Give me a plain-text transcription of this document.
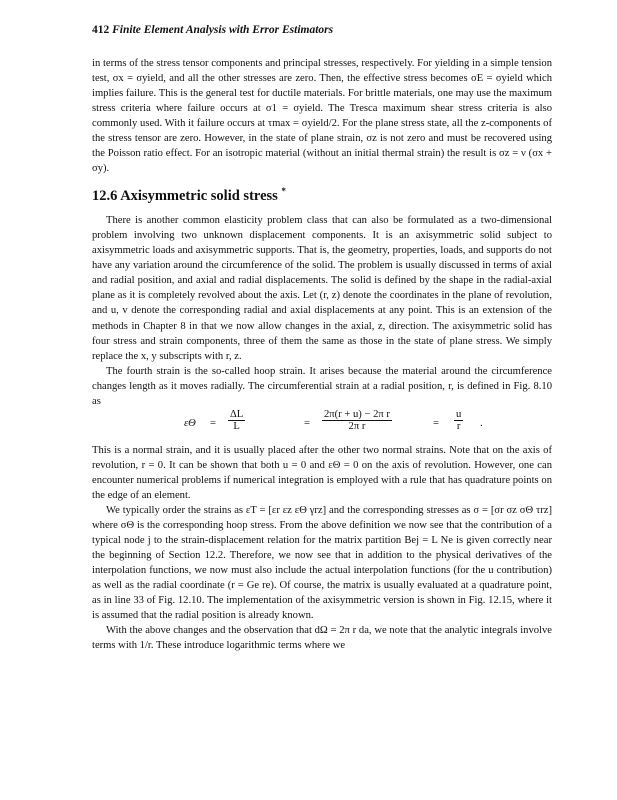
412 Finite Element Analysis with Error Estimators

in terms of the stress tensor components and principal stresses, respectively. For yielding in a simple tension test, σx = σyield, and all the other stresses are zero. Then, the effective stress becomes σE = σyield which implies failure. This is the general test for ductile materials. For brittle materials, one may use the maximum stress criteria where failure occurs at σ1 = σyield. The Tresca maximum shear stress criteria is also commonly used. With it failure occurs at τmax = σyield/2. For the plane stress state, all the z-components of the stress tensor are zero. However, in the state of plane strain, σz is not zero and must be recovered using the Poisson ratio effect. For an isotropic material (without an initial thermal strain) the result is σz = ν (σx + σy).

12.6 Axisymmetric solid stress *

There is another common elasticity problem class that can also be formulated as a two-dimensional problem involving two unknown displacement components. It is an axisymmetric solid subject to axisymmetric loads and axisymmetric supports. That is, the geometry, properties, loads, and supports do not have any variation around the circumference of the solid. The problem is usually discussed in terms of axial and radial position, and axial and radial displacements. The solid is defined by the shape in the radial-axial plane as it is completely revolved about the axis. Let (r, z) denote the coordinates in the plane of revolution, and u, v denote the corresponding radial and axial displacements at any point. This is an extension of the methods in Chapter 8 in that we now allow changes in the axial, z, direction. The axisymmetric solid has four stress and strain components, three of them the same as those in the state of plane stress. We simply replace the x, y subscripts with r, z.

The fourth strain is the so-called hoop strain. It arises because the material around the circumference changes length as it moves radially. The circumferential strain at a radial position, r, is defined in Fig. 8.10 as

$\varepsilon\Theta = \frac{\Delta L}{L}$	= $\frac{\text{2π(r + u) − 2π r}}{\text{2π r}}$	= $\frac{u}{r}$ .

This is a normal strain, and it is usually placed after the other two normal strains. Note that on the axis of revolution, r = 0. It can be shown that both u = 0 and εΘ = 0 on the axis of revolution. However, one can encounter numerical problems if numerical integration is employed with a rule that has quadrature points on the edge of an element.

We typically order the strains as εT = [εr εz εΘ γrz] and the corresponding stresses as σ = [σr σz σΘ τrz] where σΘ is the corresponding hoop stress. From the above definition we now see that the contribution of a typical node j to the strain-displacement relation for the matrix partition Bej = L Ne is given correctly near the beginning of Section 12.2. Therefore, we now see that in addition to the physical derivatives of the interpolation functions, we now must also include the actual interpolation functions (for the u contribution) as well as the radial coordinate (r = Ge re). Of course, the matrix is usually evaluated at a quadrature point, as in line 33 of Fig. 12.10. The implementation of the axisymmetric version is shown in Fig. 12.15, where it is assumed that the radial position is already known.

With the above changes and the observation that dΩ = 2π r da, we note that the analytic integrals involve terms with 1/r. These introduce logarithmic terms where we
